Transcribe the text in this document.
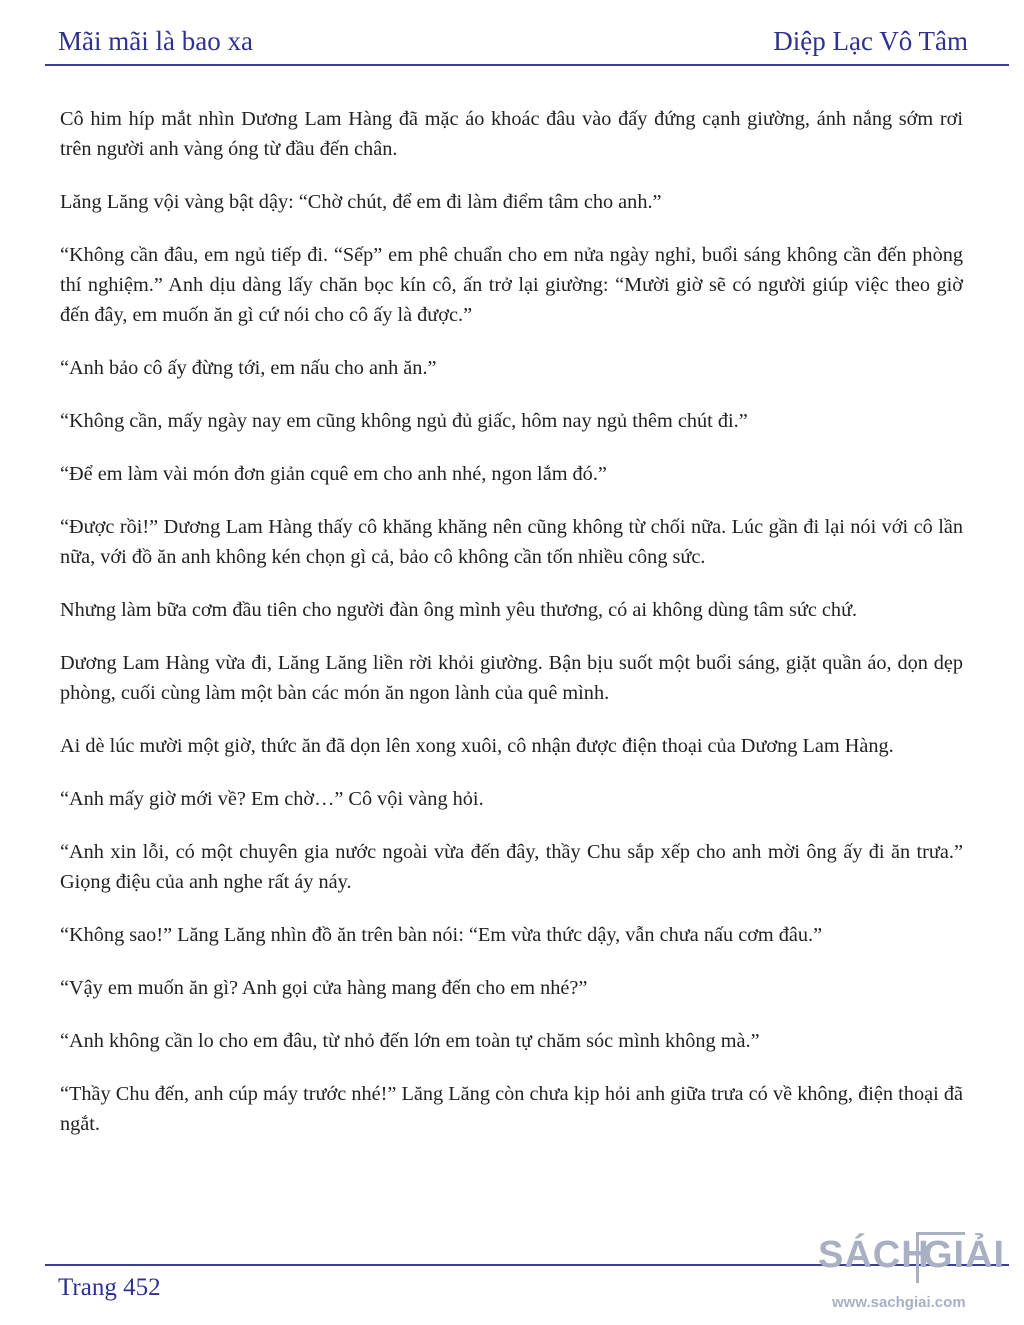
Mãi mãi là bao xa	Diệp Lạc Vô Tâm

Cô him híp mắt nhìn Dương Lam Hàng đã mặc áo khoác đâu vào đấy đứng cạnh giường, ánh nắng sớm rơi trên người anh vàng óng từ đầu đến chân.

Lăng Lăng vội vàng bật dậy: “Chờ chút, để em đi làm điểm tâm cho anh.”

“Không cần đâu, em ngủ tiếp đi. “Sếp” em phê chuẩn cho em nửa ngày nghỉ, buổi sáng không cần đến phòng thí nghiệm.” Anh dịu dàng lấy chăn bọc kín cô, ấn trở lại giường: “Mười giờ sẽ có người giúp việc theo giờ đến đây, em muốn ăn gì cứ nói cho cô ấy là được.”

“Anh bảo cô ấy đừng tới, em nấu cho anh ăn.”

“Không cần, mấy ngày nay em cũng không ngủ đủ giấc, hôm nay ngủ thêm chút đi.”

“Để em làm vài món đơn giản cquê em cho anh nhé, ngon lắm đó.”

“Được rồi!” Dương Lam Hàng thấy cô khăng khăng nên cũng không từ chối nữa. Lúc gần đi lại nói với cô lần nữa, với đồ ăn anh không kén chọn gì cả, bảo cô không cần tốn nhiều công sức.

Nhưng làm bữa cơm đầu tiên cho người đàn ông mình yêu thương, có ai không dùng tâm sức chứ.

Dương Lam Hàng vừa đi, Lăng Lăng liền rời khỏi giường. Bận bịu suốt một buổi sáng, giặt quần áo, dọn dẹp phòng, cuối cùng làm một bàn các món ăn ngon lành của quê mình.

Ai dè lúc mười một giờ, thức ăn đã dọn lên xong xuôi, cô nhận được điện thoại của Dương Lam Hàng.

“Anh mấy giờ mới về? Em chờ…” Cô vội vàng hỏi.

“Anh xin lỗi, có một chuyên gia nước ngoài vừa đến đây, thầy Chu sắp xếp cho anh mời ông ấy đi ăn trưa.” Giọng điệu của anh nghe rất áy náy.

“Không sao!” Lăng Lăng nhìn đồ ăn trên bàn nói: “Em vừa thức dậy, vẫn chưa nấu cơm đâu.”

“Vậy em muốn ăn gì? Anh gọi cửa hàng mang đến cho em nhé?”

“Anh không cần lo cho em đâu, từ nhỏ đến lớn em toàn tự chăm sóc mình không mà.”

“Thầy Chu đến, anh cúp máy trước nhé!” Lăng Lăng còn chưa kịp hỏi anh giữa trưa có về không, điện thoại đã ngắt.

Trang 452
SÁCH
GIẢI
www.sachgiai.com
